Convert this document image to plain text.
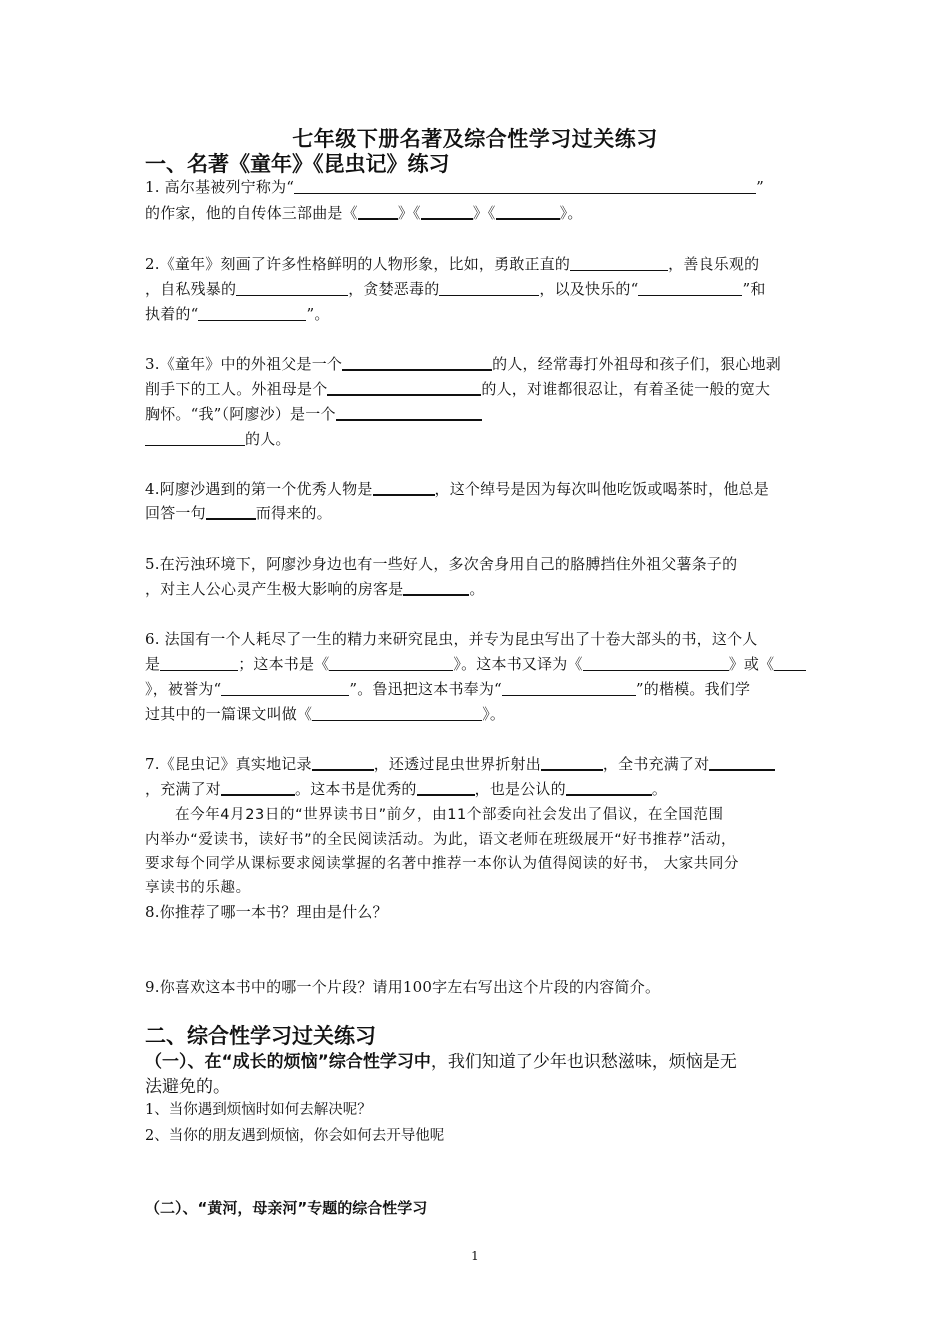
七年级下册名著及综合性学习过关练习
一、名著《童年》《昆虫记》练习
1. 高尔基被列宁称为“	”
的作家，他的自传体三部曲是《	》《	》《	》。
2.《童年》刻画了许多性格鲜明的人物形象，比如，勇敢正直的	，善良乐观的
，自私残暴的	，贪婪恶毒的	，以及快乐的“	”和
执着的“	”。
3.《童年》中的外祖父是一个	的人，经常毒打外祖母和孩子们，狠心地剥
削手下的工人。外祖母是个	的人，对谁都很忍让，有着圣徒一般的宽大
胸怀。“我”（阿廖沙）是一个
的人。
4.阿廖沙遇到的第一个优秀人物是	，这个绰号是因为每次叫他吃饭或喝茶时，他总是
回答一句	而得来的。
5.在污浊环境下，阿廖沙身边也有一些好人，多次舍身用自己的胳膊挡住外祖父薯条子的
，对主人公心灵产生极大影响的房客是	。
6. 法国有一个人耗尽了一生的精力来研究昆虫，并专为昆虫写出了十卷大部头的书，这个人
是	；这本书是《	》。这本书又译为《	》或《
》，被誉为“	”。鲁迅把这本书奉为“	”的楷模。我们学
过其中的一篇课文叫做《	》。
7.《昆虫记》真实地记录	，还透过昆虫世界折射出	，全书充满了对
，充满了对	。这本书是优秀的	，也是公认的	。
在今年4月23日的“世界读书日”前夕，由11个部委向社会发出了倡议，在全国范围
内举办“爱读书，读好书”的全民阅读活动。为此，语文老师在班级展开“好书推荐”活动，
要求每个同学从课标要求阅读掌握的名著中推荐一本你认为值得阅读的好书， 大家共同分
享读书的乐趣。
8.你推荐了哪一本书？理由是什么？
9.你喜欢这本书中的哪一个片段？请用100字左右写出这个片段的内容简介。
二、综合性学习过关练习
（一）、在“成长的烦恼”综合性学习中，我们知道了少年也识愁滋味，烦恼是无
法避免的。
1、当你遇到烦恼时如何去解决呢？
2、当你的朋友遇到烦恼，你会如何去开导他呢
（二）、“黄河，母亲河”专题的综合性学习
1
